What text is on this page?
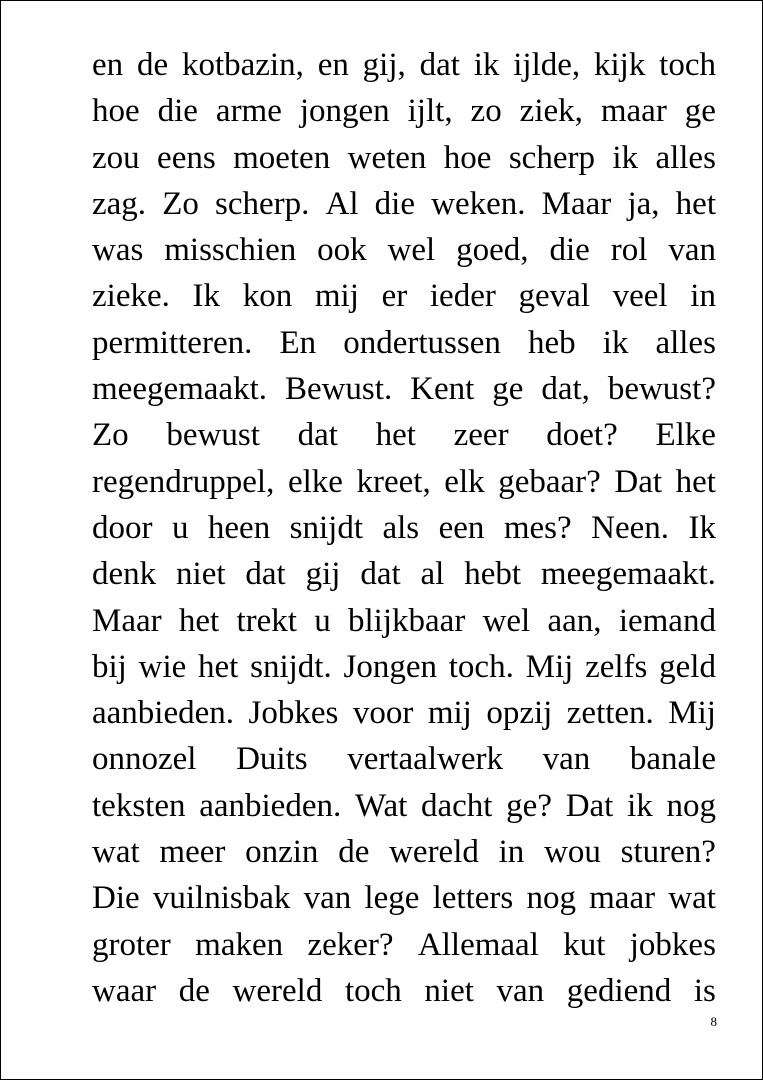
en de kotbazin, en gij, dat ik ijlde, kijk toch
hoe die arme jongen ijlt, zo ziek, maar ge
zou eens moeten weten hoe scherp ik alles
zag. Zo scherp. Al die weken. Maar ja, het
was misschien ook wel goed, die rol van
zieke. Ik kon mij er ieder geval veel in
permitteren. En ondertussen heb ik alles
meegemaakt. Bewust. Kent ge dat, bewust?
Zo bewust dat het zeer doet? Elke
regendruppel, elke kreet, elk gebaar? Dat het
door u heen snijdt als een mes? Neen. Ik
denk niet dat gij dat al hebt meegemaakt.
Maar het trekt u blijkbaar wel aan, iemand
bij wie het snijdt. Jongen toch. Mij zelfs geld
aanbieden. Jobkes voor mij opzij zetten. Mij
onnozel Duits vertaalwerk van banale
teksten aanbieden. Wat dacht ge? Dat ik nog
wat meer onzin de wereld in wou sturen?
Die vuilnisbak van lege letters nog maar wat
groter maken zeker? Allemaal kut jobkes
waar de wereld toch niet van gediend is
8
